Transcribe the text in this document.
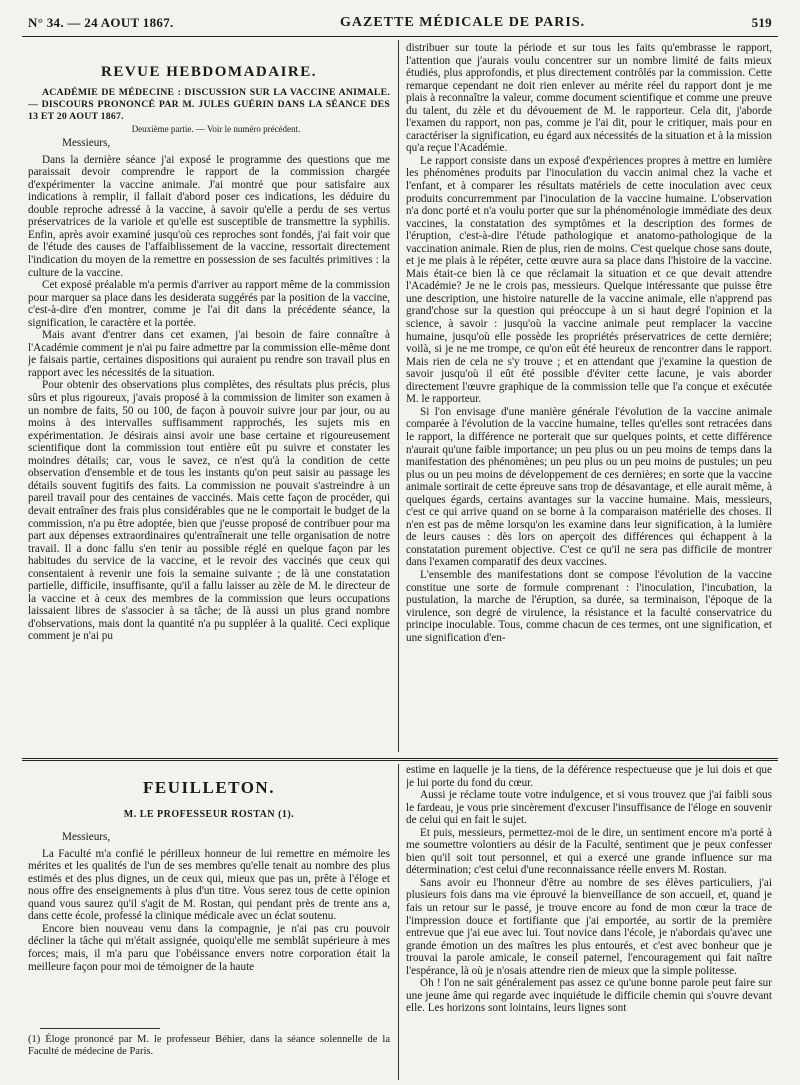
N° 34. — 24 AOUT 1867.	GAZETTE MÉDICALE DE PARIS.	519
REVUE HEBDOMADAIRE.

ACADÉMIE DE MÉDECINE : DISCUSSION SUR LA VACCINE ANIMALE. — DISCOURS PRONONCÉ PAR M. JULES GUÉRIN DANS LA SÉANCE DES 13 ET 20 AOUT 1867.

Deuxième partie. — Voir le numéro précédent.

Messieurs,

Dans la dernière séance j'ai exposé le programme des questions que me paraissait devoir comprendre le rapport de la commission chargée d'expérimenter la vaccine animale. J'ai montré que pour satisfaire aux indications à remplir, il fallait d'abord poser ces indications, les déduire du double reproche adressé à la vaccine, à savoir qu'elle a perdu de ses vertus préservatrices de la variole et qu'elle est susceptible de transmettre la syphilis. Enfin, après avoir examiné jusqu'où ces reproches sont fondés, j'ai fait voir que de l'étude des causes de l'affaiblissement de la vaccine, ressortait directement l'indication du moyen de la remettre en possession de ses facultés primitives : la culture de la vaccine.

Cet exposé préalable m'a permis d'arriver au rapport même de la commission pour marquer sa place dans les desiderata suggérés par la position de la vaccine, c'est-à-dire d'en montrer, comme je l'ai dit dans la précédente séance, la signification, le caractère et la portée.

Mais avant d'entrer dans cet examen, j'ai besoin de faire connaître à l'Académie comment je n'ai pu faire admettre par la commission elle-même dont je faisais partie, certaines dispositions qui auraient pu rendre son travail plus en rapport avec les nécessités de la situation.

Pour obtenir des observations plus complètes, des résultats plus précis, plus sûrs et plus rigoureux, j'avais proposé à la commission de limiter son examen à un nombre de faits, 50 ou 100, de façon à pouvoir suivre jour par jour, ou au moins à des intervalles suffisamment rapprochés, les sujets mis en expérimentation. Je désirais ainsi avoir une base certaine et rigoureusement scientifique dont la commission tout entière eût pu suivre et constater les moindres détails; car, vous le savez, ce n'est qu'à la condition de cette observation d'ensemble et de tous les instants qu'on peut saisir au passage les détails souvent fugitifs des faits. La commission ne pouvait s'astreindre à un pareil travail pour des centaines de vaccinés. Mais cette façon de procéder, qui devait entraîner des frais plus considérables que ne le comportait le budget de la commission, n'a pu être adoptée, bien que j'eusse proposé de contribuer pour ma part aux dépenses extraordinaires qu'entraînerait une telle organisation de notre travail. Il a donc fallu s'en tenir au possible réglé en quelque façon par les habitudes du service de la vaccine, et le revoir des vaccinés que ceux qui consentaient à revenir une fois la semaine suivante ; de là une constatation partielle, difficile, insuffisante, qu'il a fallu laisser au zèle de M. le directeur de la vaccine et à ceux des membres de la commission que leurs occupations laissaient libres de s'associer à sa tâche; de là aussi un plus grand nombre d'observations, mais dont la quantité n'a pu suppléer à la qualité. Ceci explique comment je n'ai pu

distribuer sur toute la période et sur tous les faits qu'embrasse le rapport, l'attention que j'aurais voulu concentrer sur un nombre limité de faits mieux étudiés, plus approfondis, et plus directement contrôlés par la commission. Cette remarque cependant ne doit rien enlever au mérite réel du rapport dont je me plais à reconnaître la valeur, comme document scientifique et comme une preuve du talent, du zèle et du dévouement de M. le rapporteur. Cela dit, j'aborde l'examen du rapport, non pas, comme je l'ai dit, pour le critiquer, mais pour en caractériser la signification, eu égard aux nécessités de la situation et à la mission qu'a reçue l'Académie.

Le rapport consiste dans un exposé d'expériences propres à mettre en lumière les phénomènes produits par l'inoculation du vaccin animal chez la vache et l'enfant, et à comparer les résultats matériels de cette inoculation avec ceux produits concurremment par l'inoculation de la vaccine humaine. L'observation n'a donc porté et n'a voulu porter que sur la phénoménologie immédiate des deux vaccines, la constatation des symptômes et la description des formes de l'éruption, c'est-à-dire l'étude pathologique et anatomo-pathologique de la vaccination animale. Rien de plus, rien de moins. C'est quelque chose sans doute, et je me plais à le répéter, cette œuvre aura sa place dans l'histoire de la vaccine. Mais était-ce bien là ce que réclamait la situation et ce que devait attendre l'Académie? Je ne le crois pas, messieurs. Quelque intéressante que puisse être une description, une histoire naturelle de la vaccine animale, elle n'apprend pas grand'chose sur la question qui préoccupe à un si haut degré l'opinion et la science, à savoir : jusqu'où la vaccine animale peut remplacer la vaccine humaine, jusqu'où elle possède les propriétés préservatrices de cette dernière; voilà, si je ne me trompe, ce qu'on eût été heureux de rencontrer dans le rapport. Mais rien de cela ne s'y trouve ; et en attendant que j'examine la question de savoir jusqu'où il eût été possible d'éviter cette lacune, je vais aborder directement l'œuvre graphique de la commission telle que l'a conçue et exécutée M. le rapporteur.

Si l'on envisage d'une manière générale l'évolution de la vaccine animale comparée à l'évolution de la vaccine humaine, telles qu'elles sont retracées dans le rapport, la différence ne porterait que sur quelques points, et cette différence n'aurait qu'une faible importance; un peu plus ou un peu moins de temps dans la manifestation des phénomènes; un peu plus ou un peu moins de pustules; un peu plus ou un peu moins de développement de ces dernières; en sorte que la vaccine animale sortirait de cette épreuve sans trop de désavantage, et elle aurait même, à quelques égards, certains avantages sur la vaccine humaine. Mais, messieurs, c'est ce qui arrive quand on se borne à la comparaison matérielle des choses. Il n'en est pas de même lorsqu'on les examine dans leur signification, à la lumière de leurs causes : dès lors on aperçoit des différences qui échappent à la constatation purement objective. C'est ce qu'il ne sera pas difficile de montrer dans l'examen comparatif des deux vaccines.

L'ensemble des manifestations dont se compose l'évolution de la vaccine constitue une sorte de formule comprenant : l'inoculation, l'incubation, la pustulation, la marche de l'éruption, sa durée, sa terminaison, l'époque de la virulence, son degré de virulence, la résistance et la faculté conservatrice du principe inoculable. Tous, comme chacun de ces termes, ont une signification, et une signification d'en-

FEUILLETON.
M. LE PROFESSEUR ROSTAN (1).

Messieurs,

La Faculté m'a confié le périlleux honneur de lui remettre en mémoire les mérites et les qualités de l'un de ses membres qu'elle tenait au nombre des plus estimés et des plus dignes, un de ceux qui, mieux que pas un, prête à l'éloge et nous offre des enseignements à plus d'un titre. Vous serez tous de cette opinion quand vous saurez qu'il s'agit de M. Rostan, qui pendant près de trente ans a, dans cette école, professé la clinique médicale avec un éclat soutenu.

Encore bien nouveau venu dans la compagnie, je n'ai pas cru pouvoir décliner la tâche qui m'était assignée, quoiqu'elle me semblât supérieure à mes forces; mais, il m'a paru que l'obéissance envers notre corporation était la meilleure façon pour moi de témoigner de la haute

(1) Éloge prononcé par M. le professeur Béhier, dans la séance solennelle de la Faculté de médecine de Paris.

estime en laquelle je la tiens, de la déférence respectueuse que je lui dois et que je lui porte du fond du cœur.

Aussi je réclame toute votre indulgence, et si vous trouvez que j'ai faibli sous le fardeau, je vous prie sincèrement d'excuser l'insuffisance de l'éloge en souvenir de celui qui en fait le sujet.

Et puis, messieurs, permettez-moi de le dire, un sentiment encore m'a porté à me soumettre volontiers au désir de la Faculté, sentiment que je peux confesser bien qu'il soit tout personnel, et qui a exercé une grande influence sur ma détermination; c'est celui d'une reconnaissance réelle envers M. Rostan.

Sans avoir eu l'honneur d'être au nombre de ses élèves particuliers, j'ai plusieurs fois dans ma vie éprouvé la bienveillance de son accueil, et, quand je fais un retour sur le passé, je trouve encore au fond de mon cœur la trace de l'impression douce et fortifiante que j'ai emportée, au sortir de la première entrevue que j'ai eue avec lui. Tout novice dans l'école, je n'abordais qu'avec une grande émotion un des maîtres les plus entourés, et c'est avec bonheur que je trouvai la parole amicale, le conseil paternel, l'encouragement qui fait naître l'espérance, là où je n'osais attendre rien de mieux que la simple politesse.

Oh ! l'on ne sait généralement pas assez ce qu'une bonne parole peut faire sur une jeune âme qui regarde avec inquiétude le difficile chemin qui s'ouvre devant elle. Les horizons sont lointains, leurs lignes sont
